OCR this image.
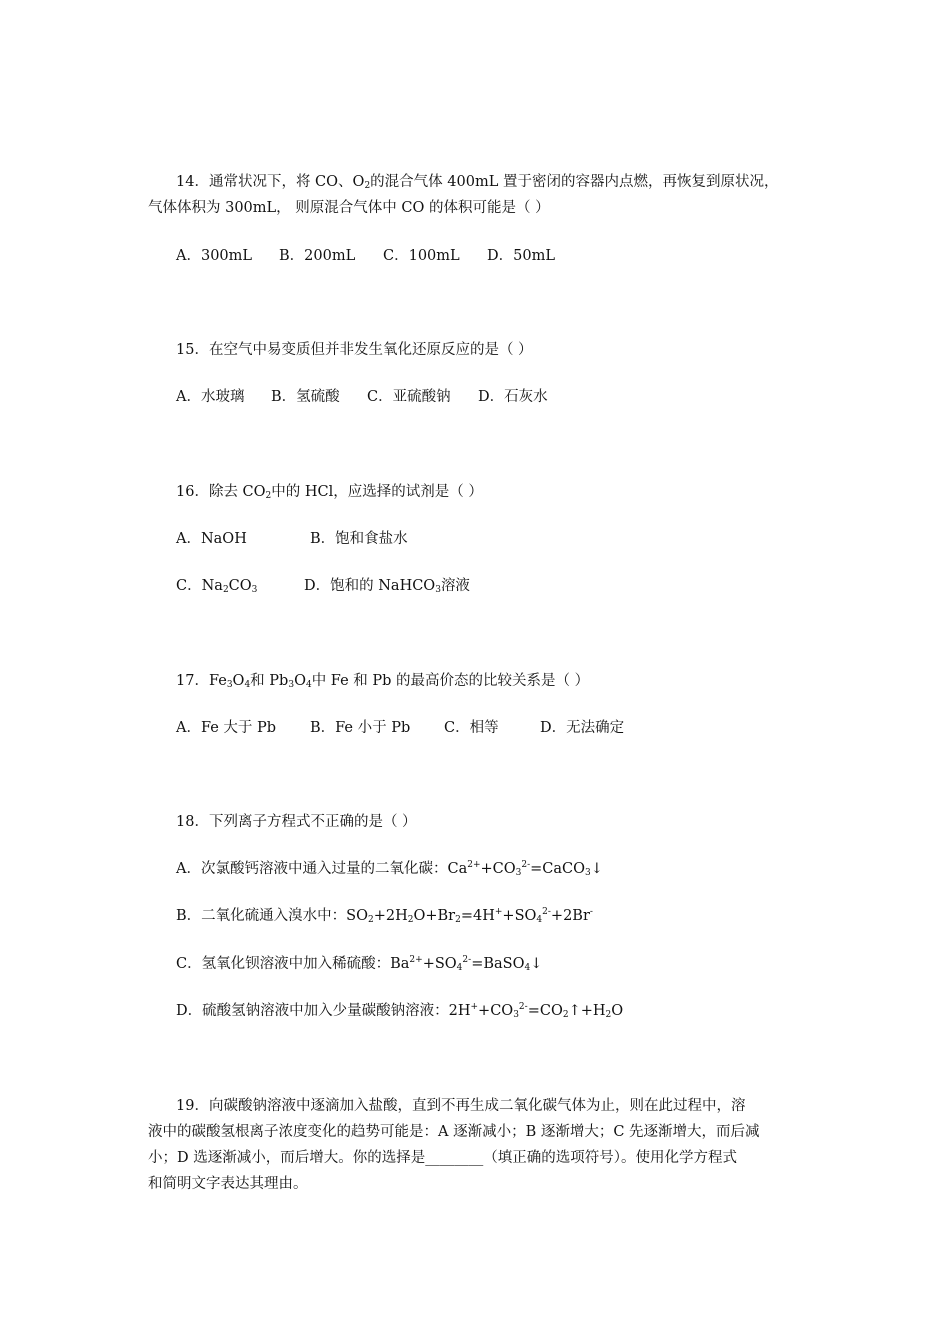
14．通常状况下，将 CO、$O_2$的混合气体 400mL 置于密闭的容器内点燃，再恢复到原状况，
气体体积为 300mL， 则原混合气体中 CO 的体积可能是（ ）
A．300mL B．200mL C．100mL D．50mL
15．在空气中易变质但并非发生氧化还原反应的是（ ）
A．水玻璃 B．氢硫酸 C．亚硫酸钠 D．石灰水
16．除去 $CO_2$中的 HCl，应选择的试剂是（ ）
A．NaOH	B．饱和食盐水
C．$Na_2CO_3$	D．饱和的 NaHCO$_3$溶液
17．$Fe_3O_4$和 $Pb_3O_4$中 Fe 和 Pb 的最高价态的比较关系是（ ）
A．Fe 大于 Pb B．Fe 小于 Pb C．相等	D．无法确定
18．下列离子方程式不正确的是（ ）
A．次氯酸钙溶液中通入过量的二氧化碳：$Ca^{2+}+CO_3^{2-}=CaCO_3↓$
B．二氧化硫通入溴水中：$SO_2+2H_2O+Br_2=4H^++SO_4^{2-}+2Br^-$
C．氢氧化钡溶液中加入稀硫酸：$Ba^{2+}+SO_4^{2-}=BaSO_4↓$
D．硫酸氢钠溶液中加入少量碳酸钠溶液：$2H^++CO_3^{2-}=CO_2↑+H_2O$
19．向碳酸钠溶液中逐滴加入盐酸，直到不再生成二氧化碳气体为止，则在此过程中，溶
液中的碳酸氢根离子浓度变化的趋势可能是：A 逐渐减小；B 逐渐增大；C 先逐渐增大，而后减
小；D 选逐渐减小，而后增大。你的选择是________（填正确的选项符号）。使用化学方程式
和简明文字表达其理由。
